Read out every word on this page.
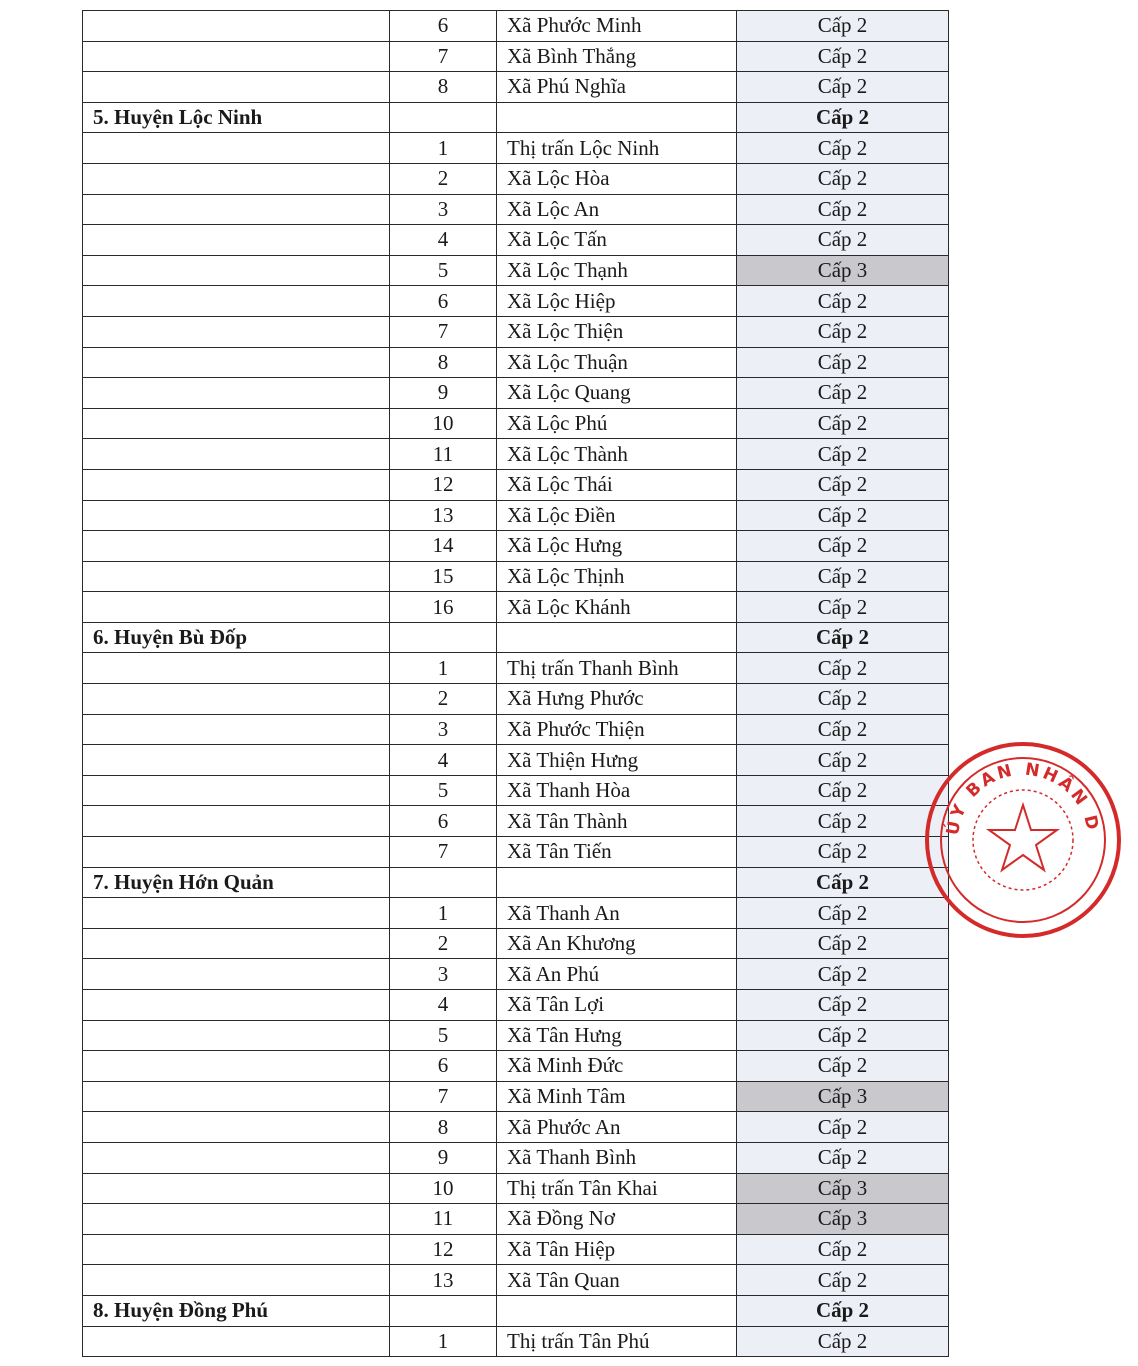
	6	Xã Phước Minh	Cấp 2
	7	Xã Bình Thắng	Cấp 2
	8	Xã Phú Nghĩa	Cấp 2
5. Huyện Lộc Ninh			Cấp 2
	1	Thị trấn Lộc Ninh	Cấp 2
	2	Xã Lộc Hòa	Cấp 2
	3	Xã Lộc An	Cấp 2
	4	Xã Lộc Tấn	Cấp 2
	5	Xã Lộc Thạnh	Cấp 3
	6	Xã Lộc Hiệp	Cấp 2
	7	Xã Lộc Thiện	Cấp 2
	8	Xã Lộc Thuận	Cấp 2
	9	Xã Lộc Quang	Cấp 2
	10	Xã Lộc Phú	Cấp 2
	11	Xã Lộc Thành	Cấp 2
	12	Xã Lộc Thái	Cấp 2
	13	Xã Lộc Điền	Cấp 2
	14	Xã Lộc Hưng	Cấp 2
	15	Xã Lộc Thịnh	Cấp 2
	16	Xã Lộc Khánh	Cấp 2
6. Huyện Bù Đốp			Cấp 2
	1	Thị trấn Thanh Bình	Cấp 2
	2	Xã Hưng Phước	Cấp 2
	3	Xã Phước Thiện	Cấp 2
	4	Xã Thiện Hưng	Cấp 2
	5	Xã Thanh Hòa	Cấp 2
	6	Xã Tân Thành	Cấp 2
	7	Xã Tân Tiến	Cấp 2
7. Huyện Hớn Quản			Cấp 2
	1	Xã Thanh An	Cấp 2
	2	Xã An Khương	Cấp 2
	3	Xã An Phú	Cấp 2
	4	Xã Tân Lợi	Cấp 2
	5	Xã Tân Hưng	Cấp 2
	6	Xã Minh Đức	Cấp 2
	7	Xã Minh Tâm	Cấp 3
	8	Xã Phước An	Cấp 2
	9	Xã Thanh Bình	Cấp 2
	10	Thị trấn Tân Khai	Cấp 3
	11	Xã Đồng Nơ	Cấp 3
	12	Xã Tân Hiệp	Cấp 2
	13	Xã Tân Quan	Cấp 2
8. Huyện Đồng Phú			Cấp 2
	1	Thị trấn Tân Phú	Cấp 2
ỦY BAN NHÂN D
